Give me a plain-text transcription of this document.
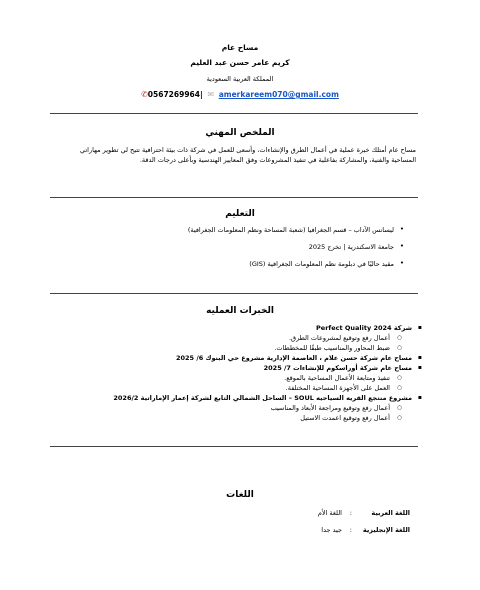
مساح عام
كريم عامر حسن عبد العليم
المملكة العربية السعودية
✆0567269964| ✉ amerkareem070@gmail.com
الملخص المهني
مساح عام أمتلك خبرة عملية في أعمال الطرق والإنشاءات، وأسعى للعمل في شركة ذات بيئة احترافية تتيح لي تطوير مهاراتي
المساحية والفنية، والمشاركة بفاعلية في تنفيذ المشروعات وفق المعايير الهندسية وبأعلى درجات الدقة.
التعليم
• ليسانس الآداب – قسم الجغرافيا (شعبة المساحة ونظم المعلومات الجغرافية)
• جامعة الاسكندرية | تخرج 2025
• مقيد حاليًا في دبلومة نظم المعلومات الجغرافية (GIS)
الخبرات العمليه
▪ شركة Perfect Quality 2024
○ أعمال رفع وتوقيع لمشروعات الطرق.
○ ضبط المحاور والمناسيب طبقًا للمخططات.
▪ مساح عام شركة حسن علام ، العاصمة الإدارية مشروع حي البنوك 6/ 2025
▪ مساح عام شركة أوراسكوم للإنشاءات 7/ 2025
○ تنفيذ ومتابعة الأعمال المساحية بالموقع.
○ العمل على الأجهزة المساحية المختلفة.
▪ مشروع منتجع القريه السياحيه SOUL – الساحل الشمالي التابع لشركة إعمار الإماراتية 2026/2
○ أعمال رفع وتوقيع ومراجعة الأبعاد والمناسيب
○ أعمال رفع وتوقيع اعمدت الاستيل
اللغات
اللغة العربية:اللغة الأم
اللغة الإنجليزية:جيد جدا
